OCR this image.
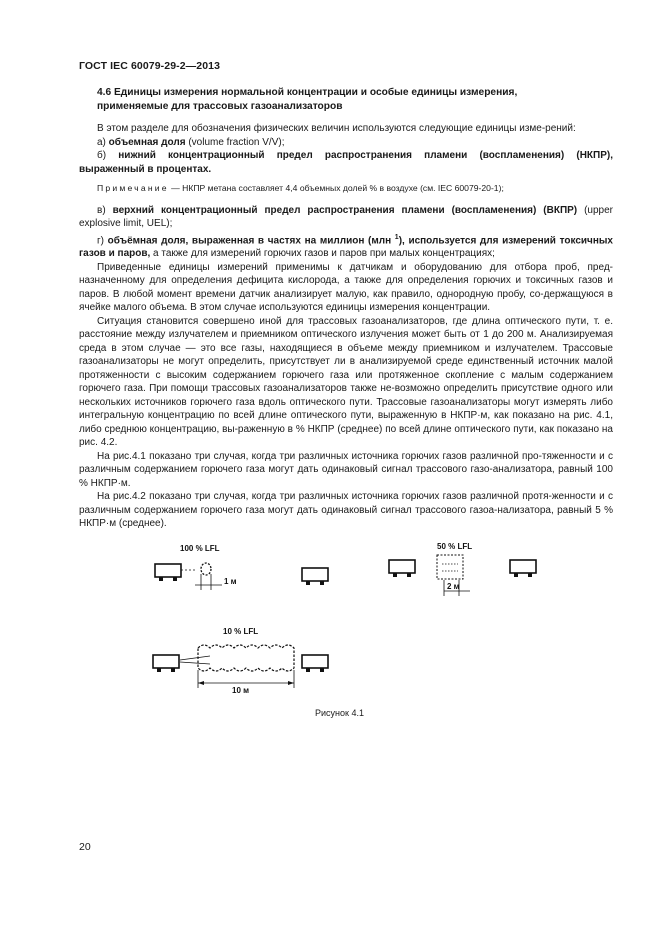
ГОСТ IEC 60079-29-2—2013
4.6 Единицы измерения нормальной концентрации и особые единицы измерения,
применяемые для трассовых газоанализаторов

В этом разделе для обозначения физических величин используются следующие единицы изме-рений:

а) объемная доля (volume fraction V/V);

б) нижний концентрационный предел распространения пламени (воспламенения) (НКПР), выраженный в процентах.

Примечание — НКПР метана составляет 4,4 объемных долей % в воздухе (см. IEC 60079-20-1);

в) верхний концентрационный предел распространения пламени (воспламенения) (ВКПР) (upper explosive limit, UEL);

г) объёмная доля, выраженная в частях на миллион (млн $^1$), используется для измерений токсичных газов и паров, а также для измерений горючих газов и паров при малых концентрациях;

Приведенные единицы измерений применимы к датчикам и оборудованию для отбора проб, пред-назначенному для определения дефицита кислорода, а также для определения горючих и токсичных газов и паров. В любой момент времени датчик анализирует малую, как правило, однородную пробу, со-держащуюся в ячейке малого объема. В этом случае используются единицы измерения концентрации.

Ситуация становится совершено иной для трассовых газоанализаторов, где длина оптического пути, т. е. расстояние между излучателем и приемником оптического излучения может быть от 1 до 200 м. Анализируемая среда в этом случае — это все газы, находящиеся в объеме между приемником и излучателем. Трассовые газоанализаторы не могут определить, присутствует ли в анализируемой среде единственный источник малой протяженности с высоким содержанием горючего газа или протяженное скопление с малым содержанием горючего газа. При помощи трассовых газоанализаторов также не-возможно определить присутствие одного или нескольких источников горючего газа вдоль оптического пути. Трассовые газоанализаторы могут измерять либо интегральную концентрацию по всей длине оптического пути, выраженную в НКПР·м, как показано на рис. 4.1, либо среднюю концентрацию, вы-раженную в % НКПР (среднее) по всей длине оптического пути, как показано на рис. 4.2.

На рис.4.1 показано три случая, когда три различных источника горючих газов различной про-тяженности и с различным содержанием горючего газа могут дать одинаковый сигнал трассового газо-анализатора, равный 100 % НКПР·м.

На рис.4.2 показано три случая, когда три различных источника горючих газов различной протя-женности и с различным содержанием горючего газа могут дать одинаковый сигнал трассового газоа-нализатора, равный 5 % НКПР·м (среднее).

100 % LFL
1 м
50 % LFL
2 м
10 % LFL
10 м
Рисунок 4.1
20
